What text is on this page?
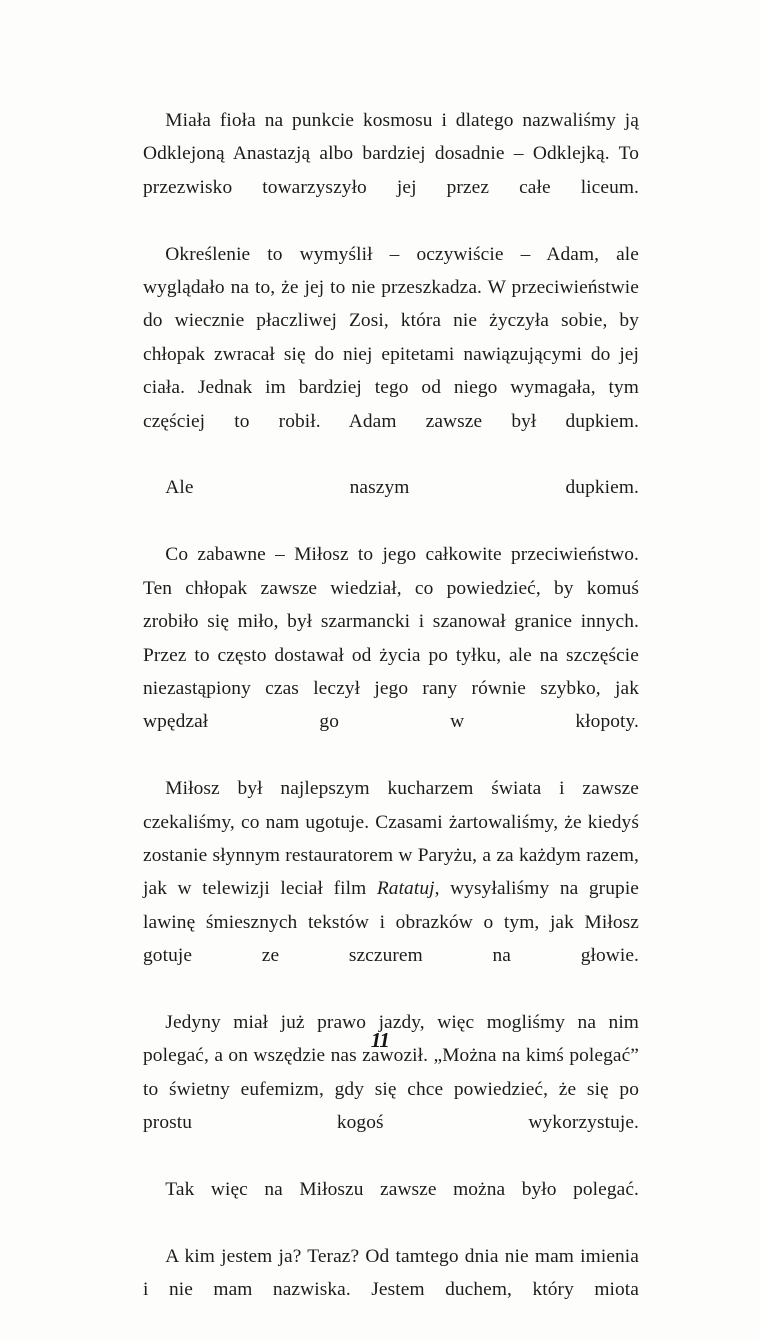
Miała fioła na punkcie kosmosu i dlatego nazwaliśmy ją Odklejoną Anastazją albo bardziej dosadnie – Odklejką. To przezwisko towarzyszyło jej przez całe liceum.

Określenie to wymyślił – oczywiście – Adam, ale wyglądało na to, że jej to nie przeszkadza. W przeciwieństwie do wiecznie płaczliwej Zosi, która nie życzyła sobie, by chłopak zwracał się do niej epitetami nawiązującymi do jej ciała. Jednak im bardziej tego od niego wymagała, tym częściej to robił. Adam zawsze był dupkiem.

Ale naszym dupkiem.

Co zabawne – Miłosz to jego całkowite przeciwieństwo. Ten chłopak zawsze wiedział, co powiedzieć, by komuś zrobiło się miło, był szarmancki i szanował granice innych. Przez to często dostawał od życia po tyłku, ale na szczęście niezastąpiony czas leczył jego rany równie szybko, jak wpędzał go w kłopoty.

Miłosz był najlepszym kucharzem świata i zawsze czekaliśmy, co nam ugotuje. Czasami żartowaliśmy, że kiedyś zostanie słynnym restauratorem w Paryżu, a za każdym razem, jak w telewizji leciał film Ratatuj, wysyłaliśmy na grupie lawinę śmiesznych tekstów i obrazków o tym, jak Miłosz gotuje ze szczurem na głowie.

Jedyny miał już prawo jazdy, więc mogliśmy na nim polegać, a on wszędzie nas zawoził. „Można na kimś polegać” to świetny eufemizm, gdy się chce powiedzieć, że się po prostu kogoś wykorzystuje.

Tak więc na Miłoszu zawsze można było polegać.

A kim jestem ja? Teraz? Od tamtego dnia nie mam imienia i nie mam nazwiska. Jestem duchem, który miota

11
